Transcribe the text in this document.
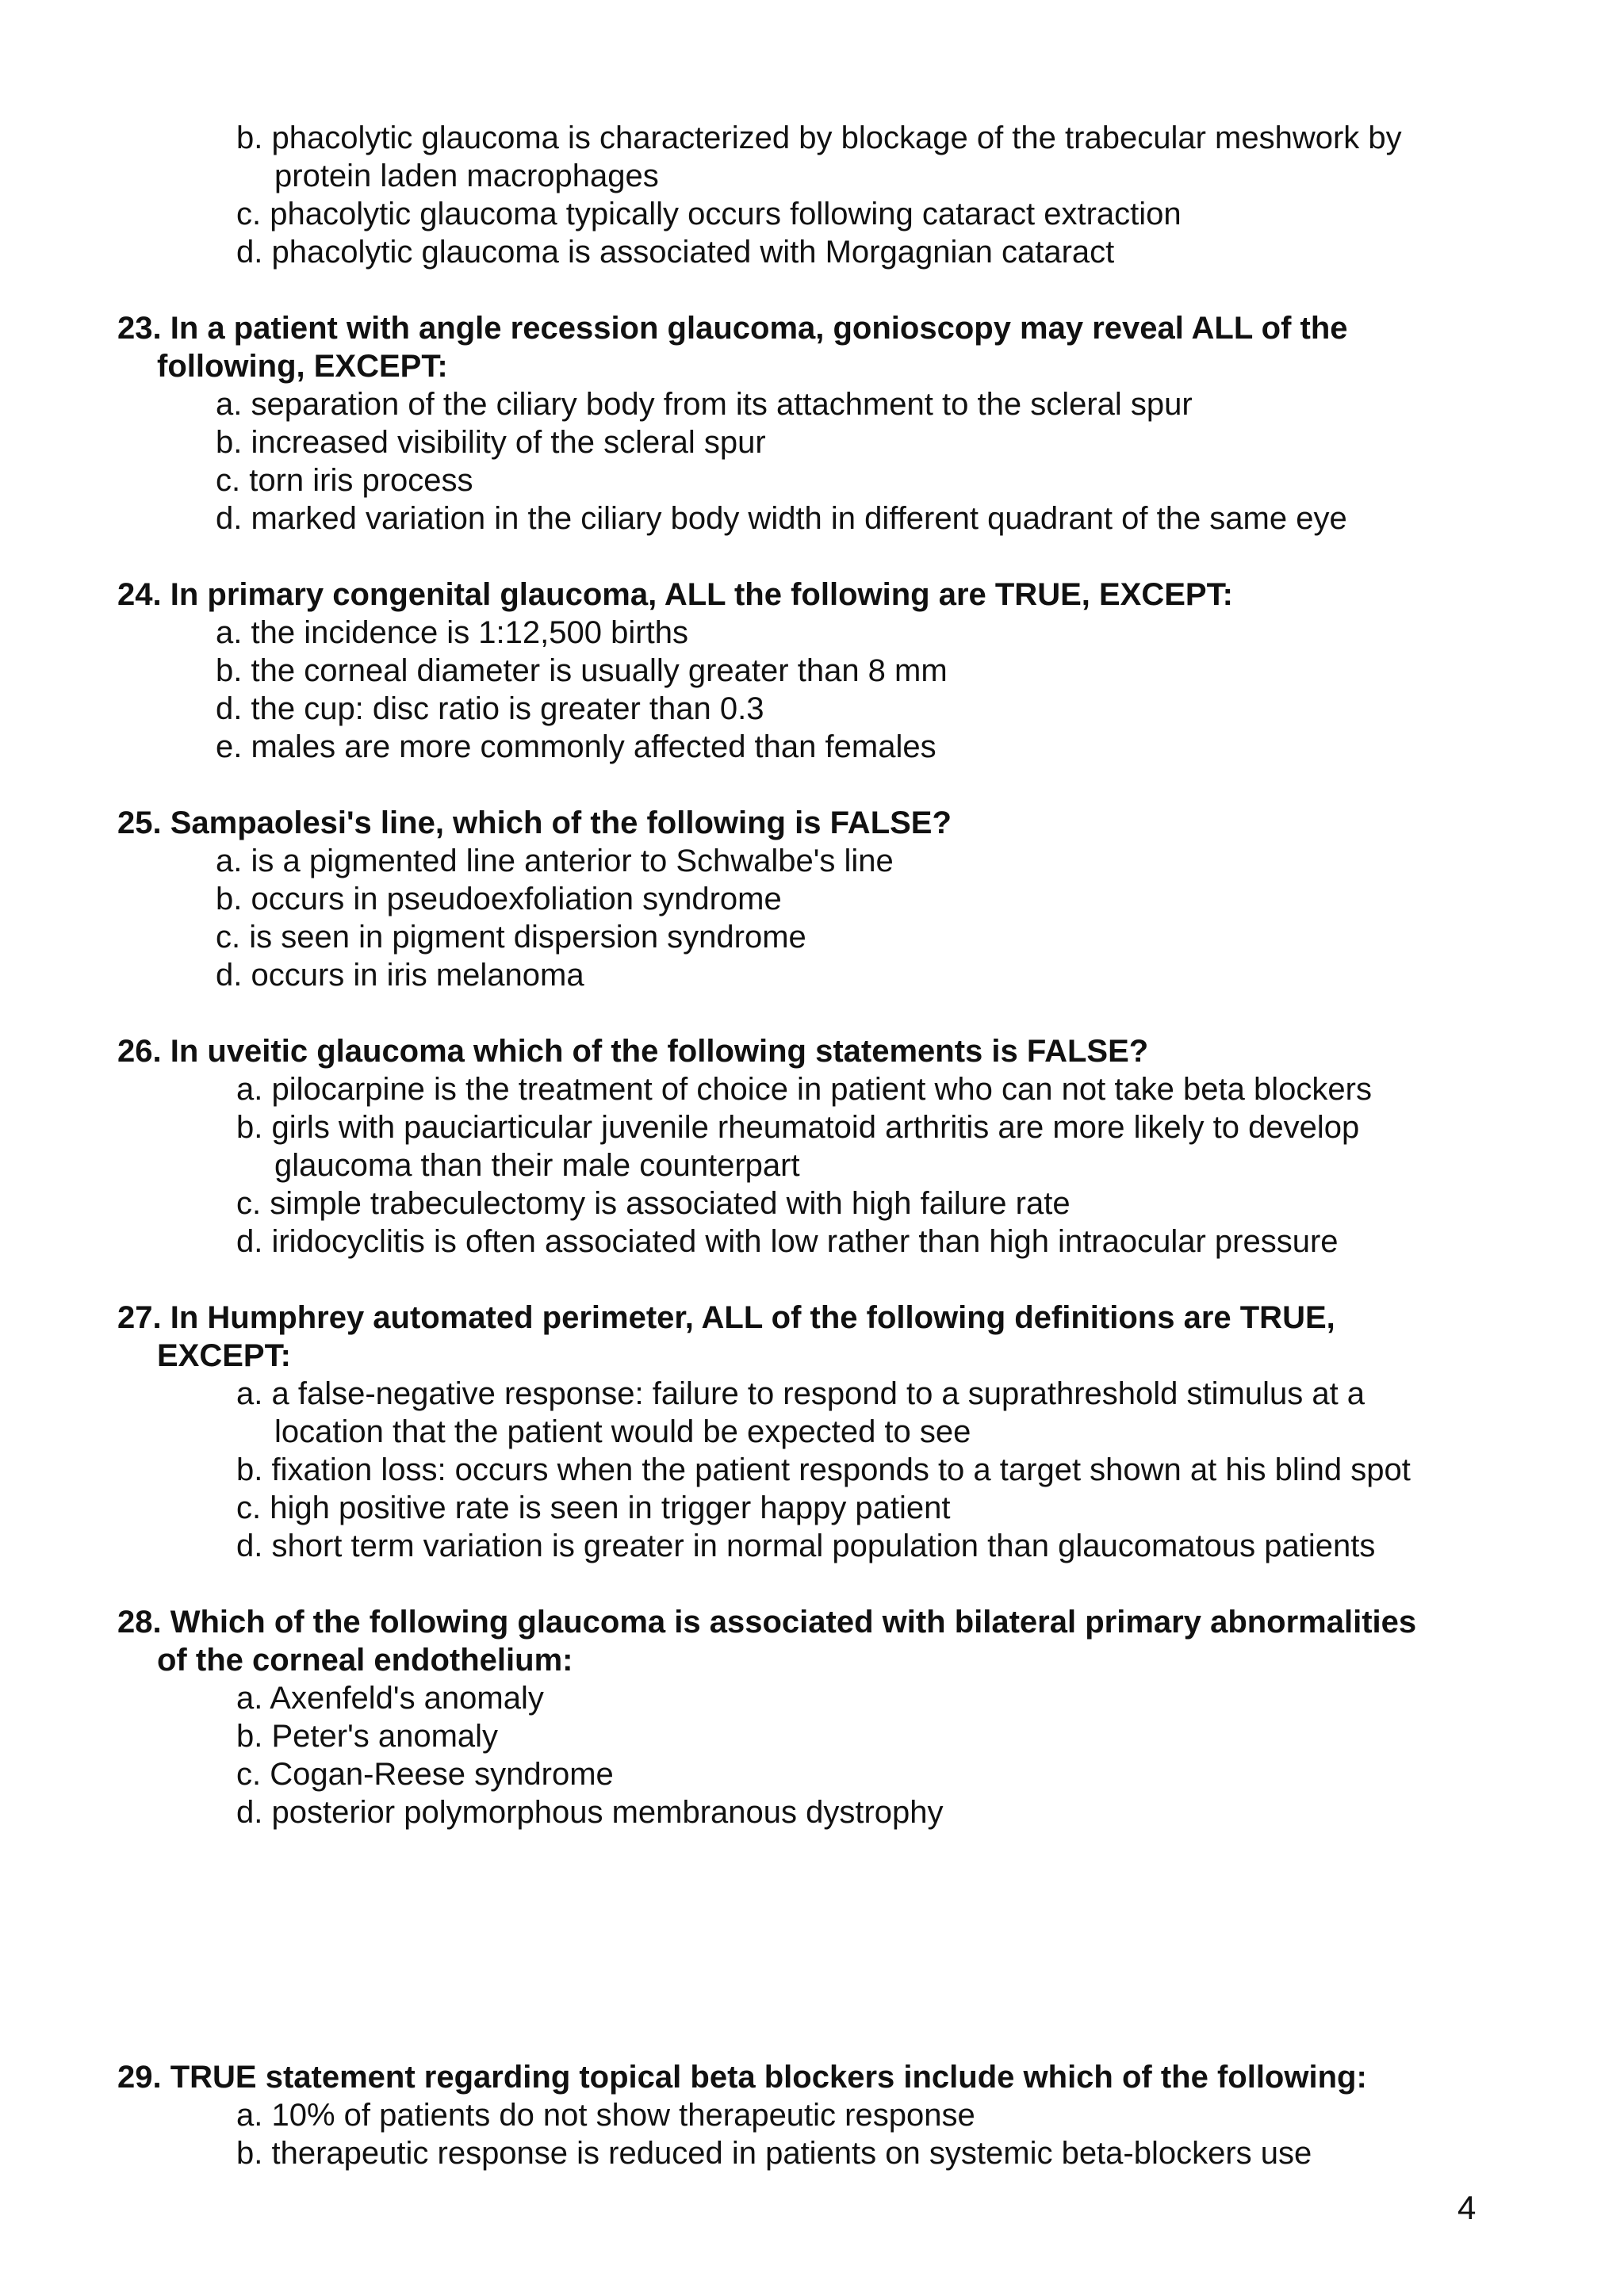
b. phacolytic glaucoma is characterized by blockage of the trabecular meshwork by
protein laden macrophages
c. phacolytic glaucoma typically occurs following cataract extraction
d. phacolytic glaucoma is associated with Morgagnian cataract
23. In a patient with angle recession glaucoma, gonioscopy may reveal ALL of the
following, EXCEPT:
a. separation of the ciliary body from its attachment to the scleral spur
b. increased visibility of the scleral spur
c. torn iris process
d. marked variation in the ciliary body width in different quadrant of the same eye
24. In primary congenital glaucoma, ALL the following are TRUE, EXCEPT:
a. the incidence is 1:12,500 births
b. the corneal diameter is usually greater than 8 mm
d. the cup: disc ratio is greater than 0.3
e. males are more commonly affected than females
25. Sampaolesi's line, which of the following is FALSE?
a. is a pigmented line anterior to Schwalbe's line
b. occurs in pseudoexfoliation syndrome
c. is seen in pigment dispersion syndrome
d. occurs in iris melanoma
26. In uveitic glaucoma which of the following statements is FALSE?
a. pilocarpine is the treatment of choice in patient who can not take beta blockers
b. girls with pauciarticular juvenile rheumatoid arthritis are more likely to develop
glaucoma than their male counterpart
c. simple trabeculectomy is associated with high failure rate
d. iridocyclitis is often associated with low rather than high intraocular pressure
27. In Humphrey automated perimeter, ALL of the following definitions are TRUE,
EXCEPT:
a. a false-negative response: failure to respond to a suprathreshold stimulus at a
location that the patient would be expected to see
b. fixation loss: occurs when the patient responds to a target shown at his blind spot
c. high positive rate is seen in trigger happy patient
d. short term variation is greater in normal population than glaucomatous patients
28. Which of the following glaucoma is associated with bilateral primary abnormalities
of the corneal endothelium:
a. Axenfeld's anomaly
b. Peter's anomaly
c. Cogan-Reese syndrome
d. posterior polymorphous membranous dystrophy
29. TRUE statement regarding topical beta blockers include which of the following:
a. 10% of patients do not show therapeutic response
b. therapeutic response is reduced in patients on systemic beta-blockers use
4
